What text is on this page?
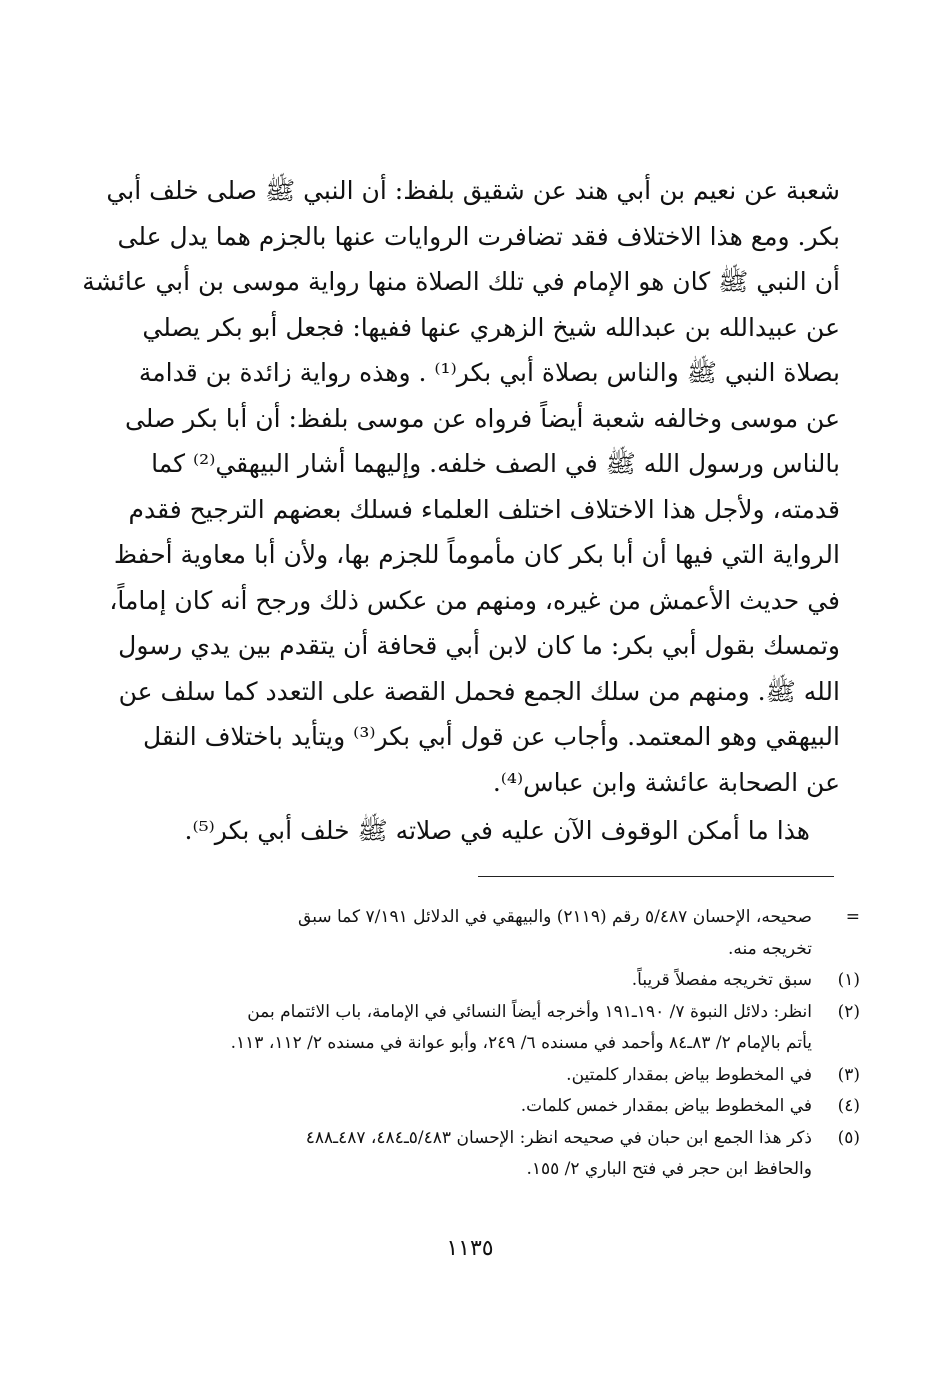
شعبة عن نعيم بن أبي هند عن شقيق بلفظ: أن النبي ﷺ صلى خلف أبي
بكر. ومع هذا الاختلاف فقد تضافرت الروايات عنها بالجزم هما يدل على
أن النبي ﷺ كان هو الإمام في تلك الصلاة منها رواية موسى بن أبي عائشة
عن عبيدالله بن عبدالله شيخ الزهري عنها ففيها: فجعل أبو بكر يصلي
بصلاة النبي ﷺ والناس بصلاة أبي بكر⁽¹⁾ . وهذه رواية زائدة بن قدامة
عن موسى وخالفه شعبة أيضاً فرواه عن موسى بلفظ: أن أبا بكر صلى
بالناس ورسول الله ﷺ في الصف خلفه. وإليهما أشار البيهقي⁽²⁾ كما
قدمته، ولأجل هذا الاختلاف اختلف العلماء فسلك بعضهم الترجيح فقدم
الرواية التي فيها أن أبا بكر كان مأموماً للجزم بها، ولأن أبا معاوية أحفظ
في حديث الأعمش من غيره، ومنهم من عكس ذلك ورجح أنه كان إماماً،
وتمسك بقول أبي بكر: ما كان لابن أبي قحافة أن يتقدم بين يدي رسول
الله ﷺ. ومنهم من سلك الجمع فحمل القصة على التعدد كما سلف عن
البيهقي وهو المعتمد. وأجاب عن قول أبي بكر⁽³⁾ ويتأيد باختلاف النقل
عن الصحابة عائشة وابن عباس⁽⁴⁾.
هذا ما أمكن الوقوف الآن عليه في صلاته ﷺ خلف أبي بكر⁽⁵⁾.
=
صحيحه، الإحسان ٥/٤٨٧ رقم (٢١١٩) والبيهقي في الدلائل ٧/١٩١ كما سبق
تخريجه منه.
(١)
سبق تخريجه مفصلاً قريباً.
(٢)
انظر: دلائل النبوة ٧/ ١٩٠ـ١٩١ وأخرجه أيضاً النسائي في الإمامة، باب الائتمام بمن
يأتم بالإمام ٢/ ٨٣ـ٨٤ وأحمد في مسنده ٦/ ٢٤٩، وأبو عوانة في مسنده ٢/ ١١٢، ١١٣.
(٣)
في المخطوط بياض بمقدار كلمتين.
(٤)
في المخطوط بياض بمقدار خمس كلمات.
(٥)
ذكر هذا الجمع ابن حبان في صحيحه انظر: الإحسان ٥/٤٨٣ـ٤٨٤، ٤٨٧ـ٤٨٨
والحافظ ابن حجر في فتح الباري ٢/ ١٥٥.
١١٣٥
